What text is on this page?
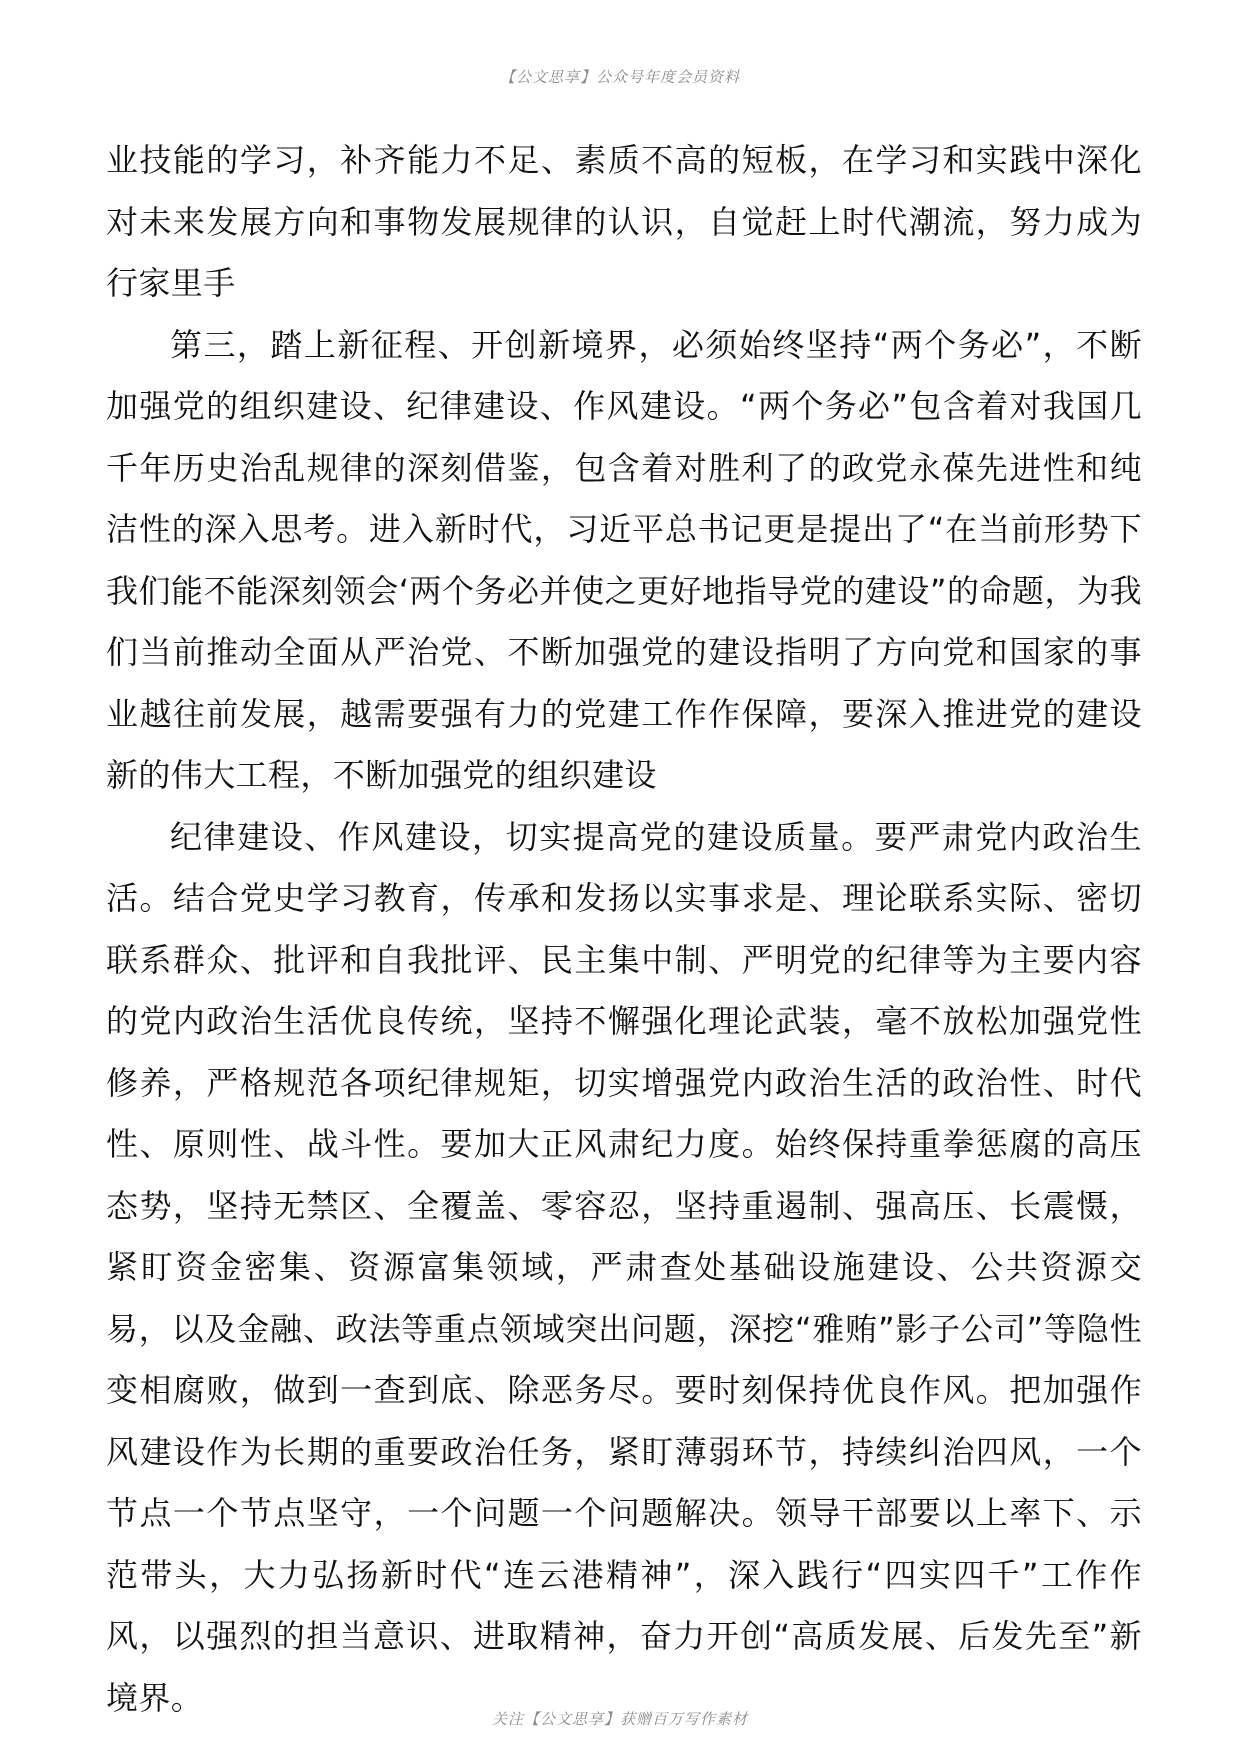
【公文思享】公众号年度会员资料

业技能的学习，补齐能力不足、素质不高的短板，在学习和实践中深化对未来发展方向和事物发展规律的认识，自觉赶上时代潮流，努力成为行家里手

第三，踏上新征程、开创新境界，必须始终坚持“两个务必”，不断加强党的组织建设、纪律建设、作风建设。“两个务必”包含着对我国几千年历史治乱规律的深刻借鉴，包含着对胜利了的政党永葆先进性和纯洁性的深入思考。进入新时代，习近平总书记更是提出了“在当前形势下我们能不能深刻领会‘两个务必并使之更好地指导党的建设”的命题，为我们当前推动全面从严治党、不断加强党的建设指明了方向党和国家的事业越往前发展，越需要强有力的党建工作作保障，要深入推进党的建设新的伟大工程，不断加强党的组织建设

纪律建设、作风建设，切实提高党的建设质量。要严肃党内政治生活。结合党史学习教育，传承和发扬以实事求是、理论联系实际、密切联系群众、批评和自我批评、民主集中制、严明党的纪律等为主要内容的党内政治生活优良传统，坚持不懈强化理论武装，毫不放松加强党性修养，严格规范各项纪律规矩，切实增强党内政治生活的政治性、时代性、原则性、战斗性。要加大正风肃纪力度。始终保持重拳惩腐的高压态势，坚持无禁区、全覆盖、零容忍，坚持重遏制、强高压、长震慑，紧盯资金密集、资源富集领域，严肃查处基础设施建设、公共资源交易，以及金融、政法等重点领域突出问题，深挖“雅贿”影子公司”等隐性变相腐败，做到一查到底、除恶务尽。要时刻保持优良作风。把加强作风建设作为长期的重要政治任务，紧盯薄弱环节，持续纠治四风，一个节点一个节点坚守，一个问题一个问题解决。领导干部要以上率下、示范带头，大力弘扬新时代“连云港精神”，深入践行“四实四千”工作作风，以强烈的担当意识、进取精神，奋力开创“高质发展、后发先至”新境界。

关注【公文思享】获赠百万写作素材
